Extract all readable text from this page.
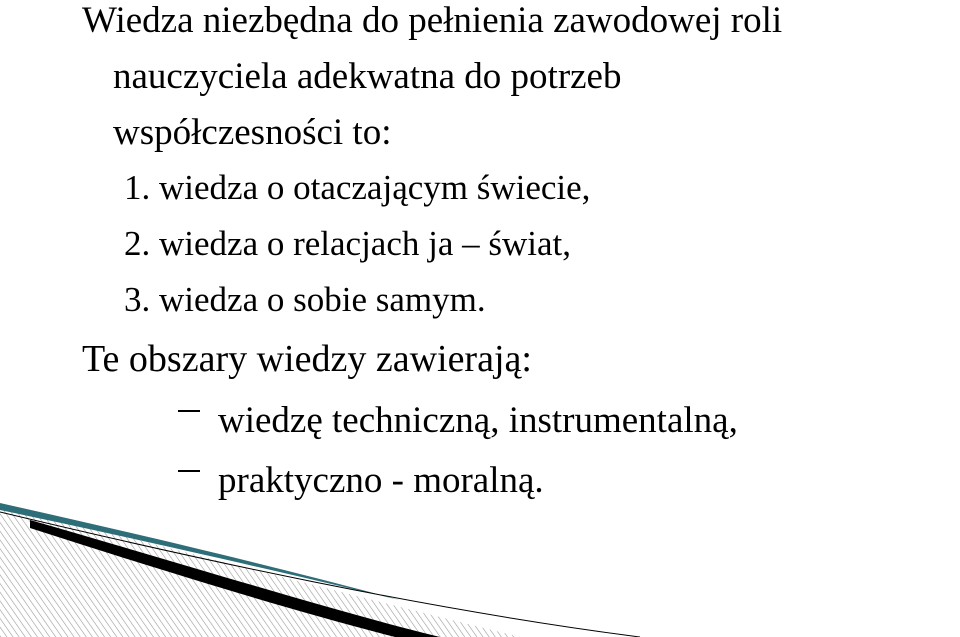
Wiedza niezbędna do pełnienia zawodowej roli
nauczyciela adekwatna do potrzeb
współczesności to:
1. wiedza o otaczającym świecie,
2. wiedza o relacjach ja – świat,
3. wiedza o sobie samym.
Te obszary wiedzy zawierają:
wiedzę techniczną, instrumentalną,
praktyczno - moralną.
